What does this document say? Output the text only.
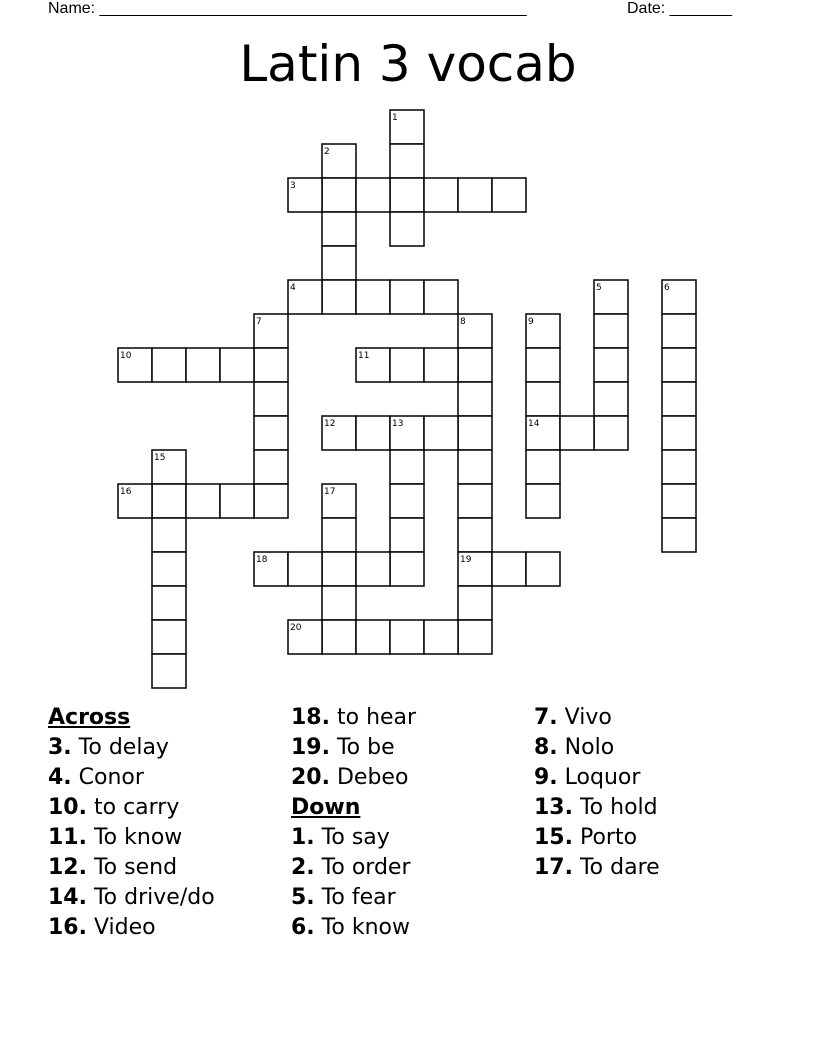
Name: ________________________________________________	Date: _______
Latin 3 vocab
1
2
3
4	5	6
7	8	9
10	11
12	13	14
15
16	17
18	19
20
Across
3. To delay
4. Conor
10. to carry
11. To know
12. To send
14. To drive/do
16. Video
18. to hear
19. To be
20. Debeo
Down
1. To say
2. To order
5. To fear
6. To know
7. Vivo
8. Nolo
9. Loquor
13. To hold
15. Porto
17. To dare
